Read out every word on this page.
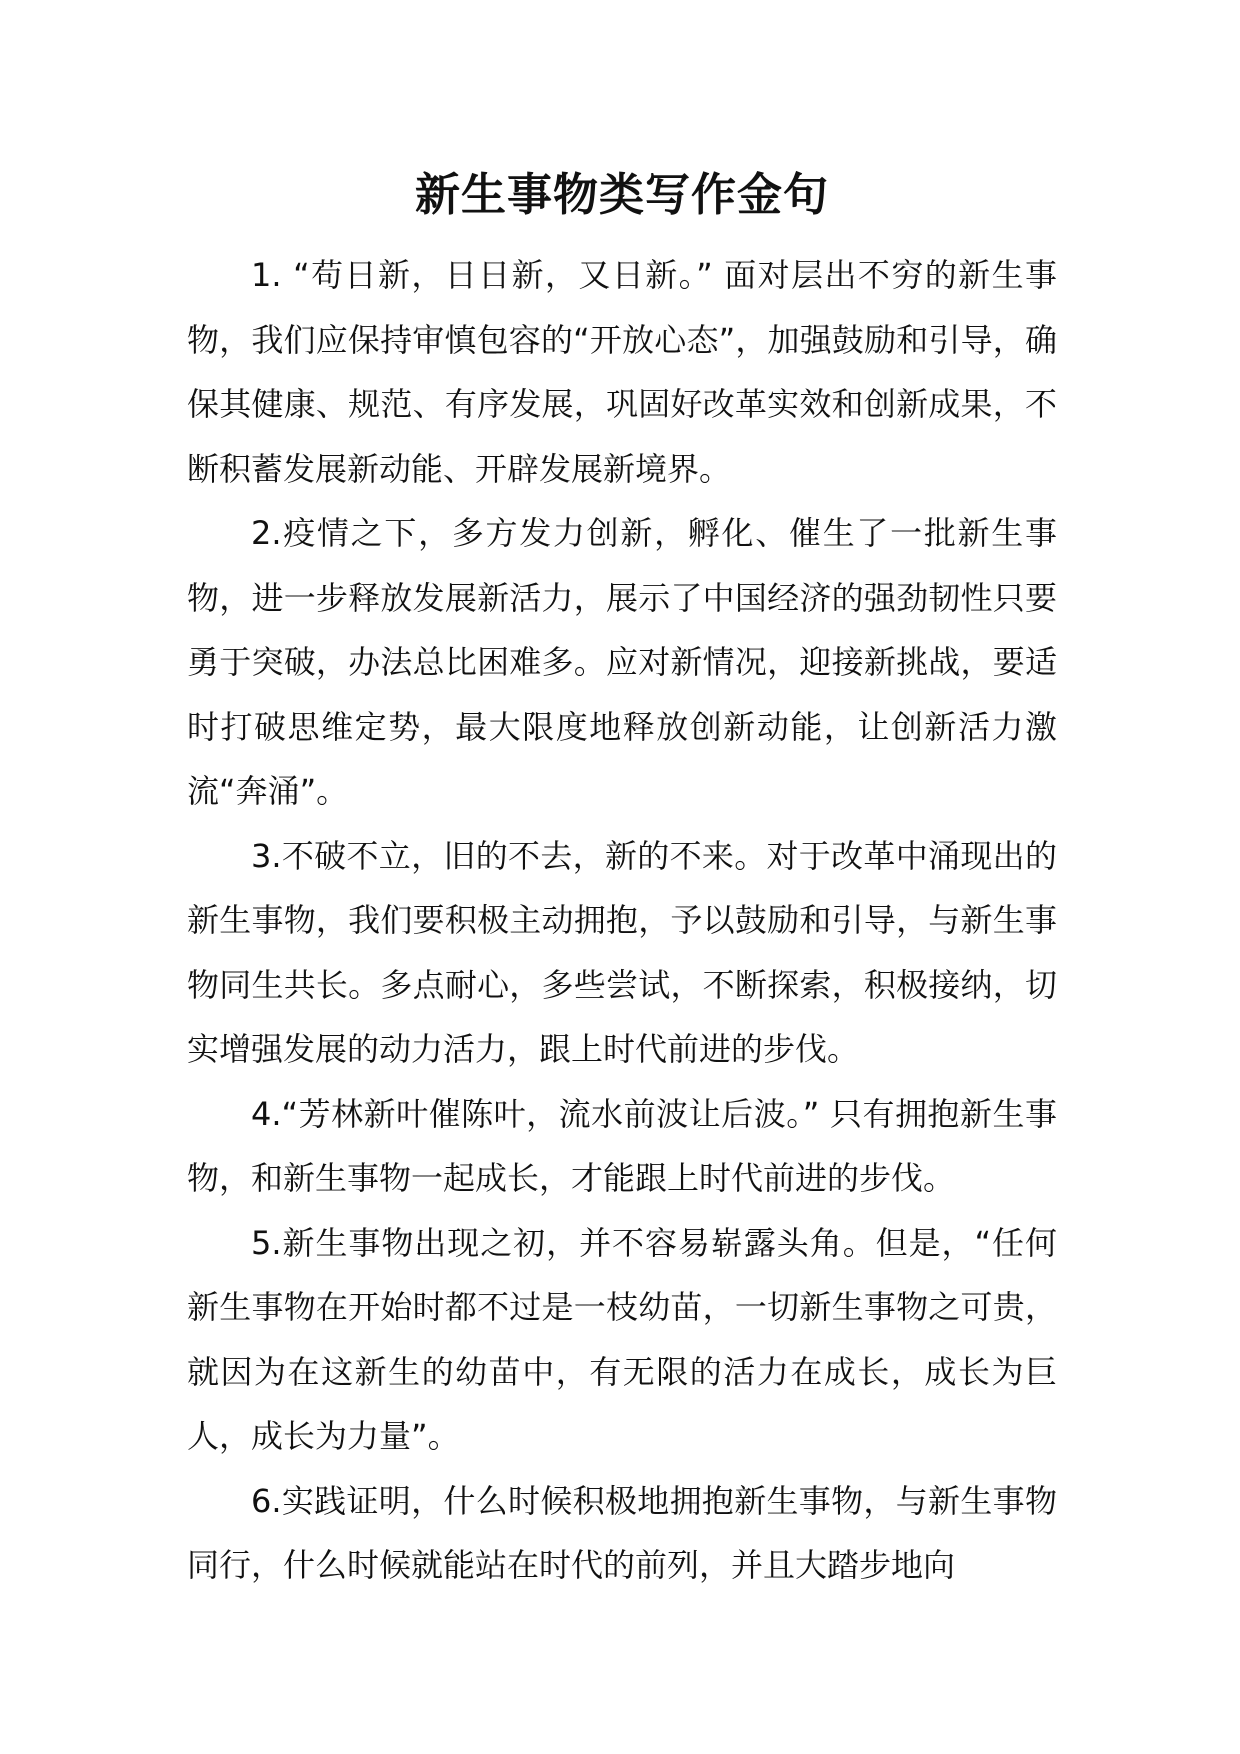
新生事物类写作金句

1. “苟日新，日日新，又日新。” 面对层出不穷的新生事物，我们应保持审慎包容的“开放心态”，加强鼓励和引导，确保其健康、规范、有序发展，巩固好改革实效和创新成果，不断积蓄发展新动能、开辟发展新境界。

2.疫情之下，多方发力创新，孵化、催生了一批新生事物，进一步释放发展新活力，展示了中国经济的强劲韧性只要勇于突破，办法总比困难多。应对新情况，迎接新挑战，要适时打破思维定势，最大限度地释放创新动能，让创新活力激流“奔涌”。

3.不破不立，旧的不去，新的不来。对于改革中涌现出的新生事物，我们要积极主动拥抱，予以鼓励和引导，与新生事物同生共长。多点耐心，多些尝试，不断探索，积极接纳，切实增强发展的动力活力，跟上时代前进的步伐。

4.“芳林新叶催陈叶，流水前波让后波。” 只有拥抱新生事物，和新生事物一起成长，才能跟上时代前进的步伐。

5.新生事物出现之初，并不容易崭露头角。但是，“任何新生事物在开始时都不过是一枝幼苗，一切新生事物之可贵，就因为在这新生的幼苗中，有无限的活力在成长，成长为巨人，成长为力量”。

6.实践证明，什么时候积极地拥抱新生事物，与新生事物同行，什么时候就能站在时代的前列，并且大踏步地向
